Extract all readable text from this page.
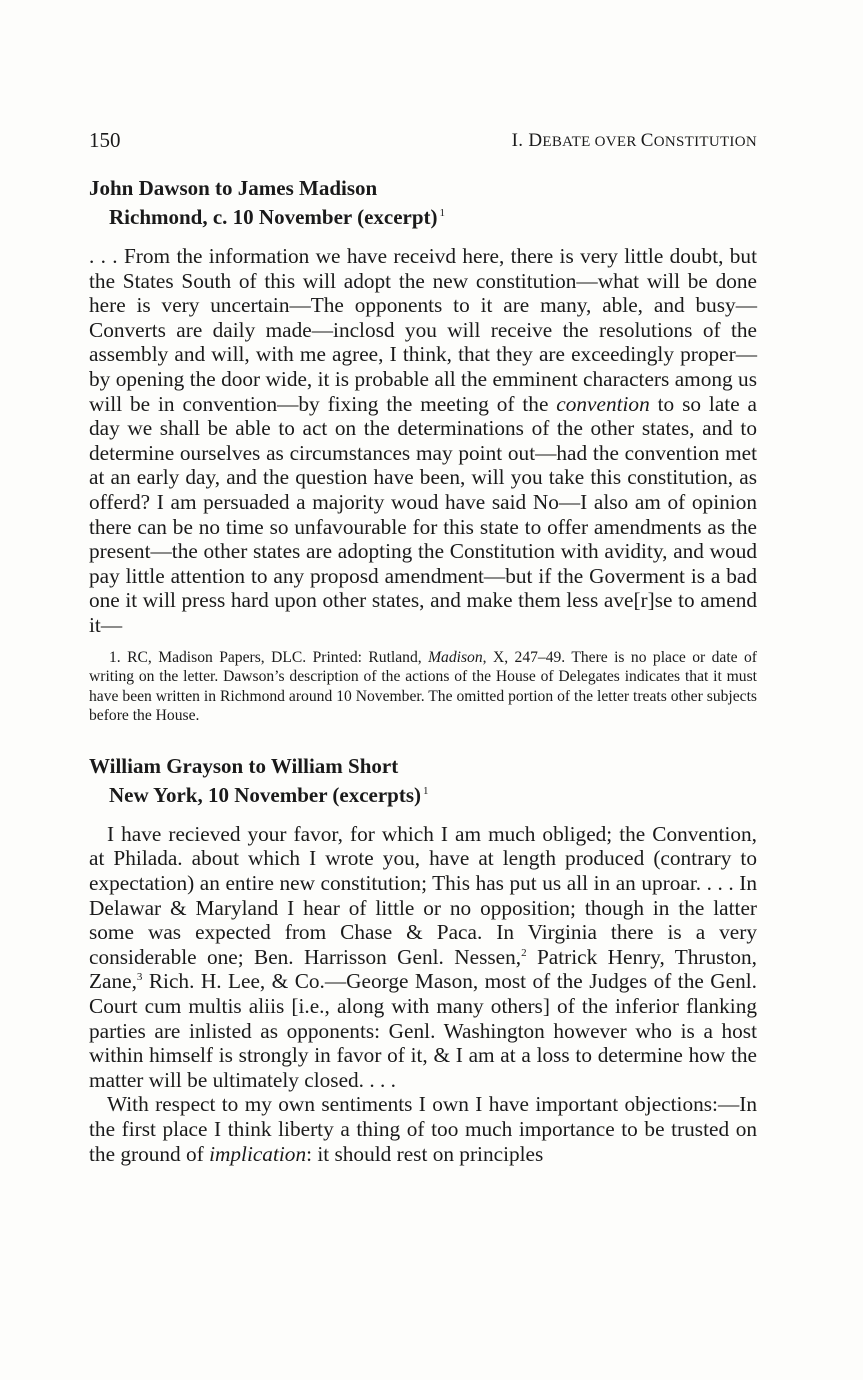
150	I. DEBATE OVER CONSTITUTION
John Dawson to James Madison
Richmond, c. 10 November (excerpt) $^1$

. . . From the information we have receivd here, there is very little doubt, but the States South of this will adopt the new constitution—what will be done here is very uncertain—The opponents to it are many, able, and busy—Converts are daily made—inclosd you will receive the resolutions of the assembly and will, with me agree, I think, that they are exceedingly proper—by opening the door wide, it is probable all the emminent characters among us will be in convention—by fixing the meeting of the convention to so late a day we shall be able to act on the determinations of the other states, and to determine ourselves as circumstances may point out—had the convention met at an early day, and the question have been, will you take this constitution, as offerd? I am persuaded a majority woud have said No—I also am of opinion there can be no time so unfavourable for this state to offer amendments as the present—the other states are adopting the Constitution with avidity, and woud pay little attention to any proposd amendment—but if the Goverment is a bad one it will press hard upon other states, and make them less ave[r]se to amend it—

1. RC, Madison Papers, DLC. Printed: Rutland, Madison, X, 247–49. There is no place or date of writing on the letter. Dawson’s description of the actions of the House of Delegates indicates that it must have been written in Richmond around 10 November. The omitted portion of the letter treats other subjects before the House.

William Grayson to William Short
New York, 10 November (excerpts) $^1$

I have recieved your favor, for which I am much obliged; the Convention, at Philada. about which I wrote you, have at length produced (contrary to expectation) an entire new constitution; This has put us all in an uproar. . . . In Delawar & Maryland I hear of little or no opposition; though in the latter some was expected from Chase & Paca. In Virginia there is a very considerable one; Ben. Harrisson Genl. Nessen,$^2$ Patrick Henry, Thruston, Zane,$^3$ Rich. H. Lee, & Co.—George Mason, most of the Judges of the Genl. Court cum multis aliis [i.e., along with many others] of the inferior flanking parties are inlisted as opponents: Genl. Washington however who is a host within himself is strongly in favor of it, & I am at a loss to determine how the matter will be ultimately closed. . . .

With respect to my own sentiments I own I have important objections:—In the first place I think liberty a thing of too much importance to be trusted on the ground of implication: it should rest on principles
